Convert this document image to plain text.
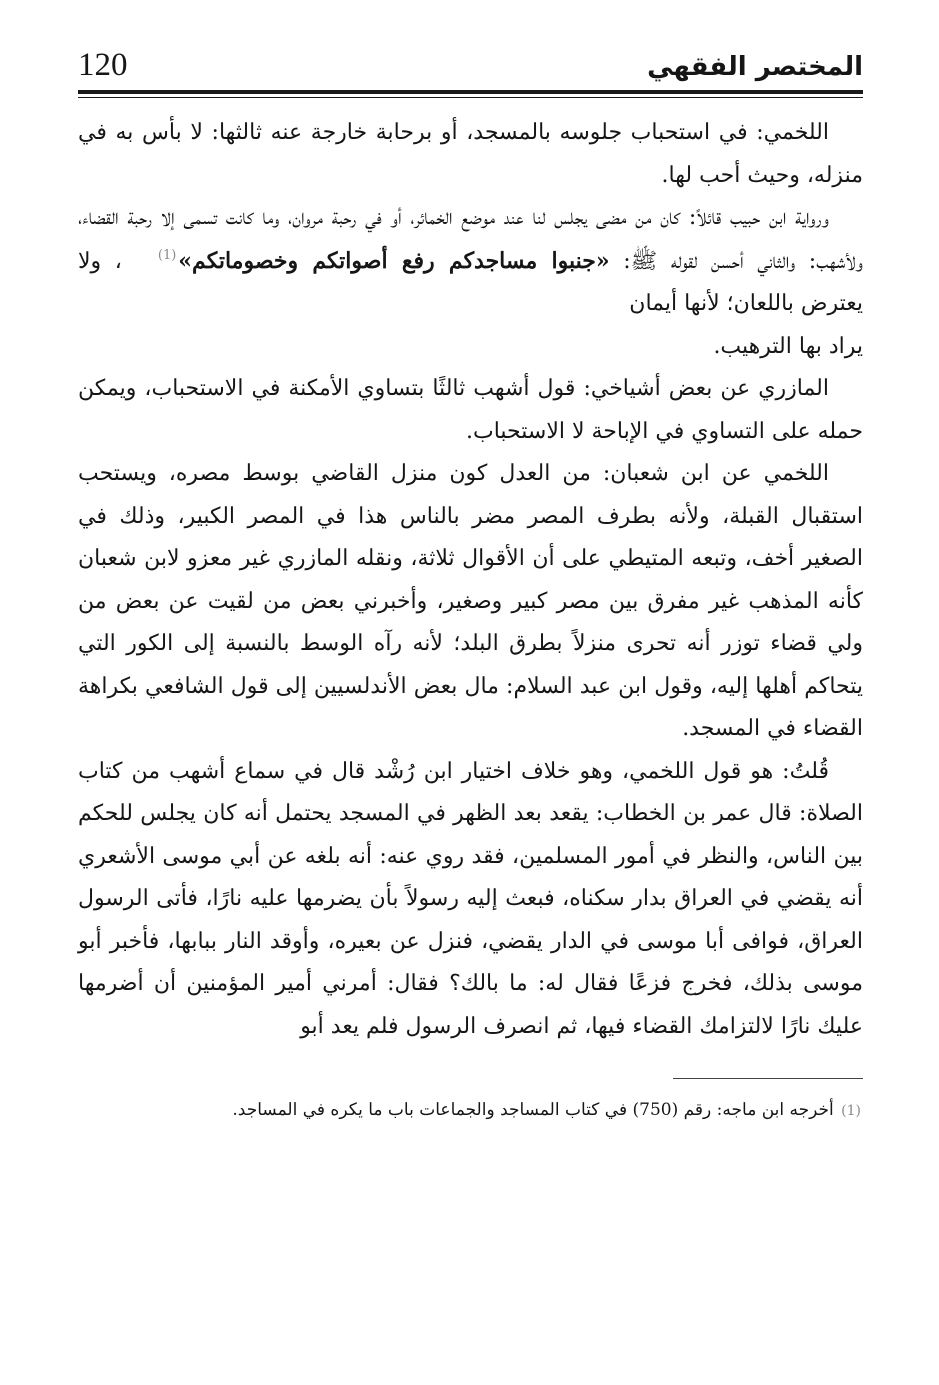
المختصر الفقهي
120

اللخمي: في استحباب جلوسه بالمسجد، أو برحابة خارجة عنه ثالثها: لا بأس به في منزله، وحيث أحب لها.

ورواية ابن حبيب قائلاً: كان من مضى يجلس لنا عند موضع الخمائر، أو في رحبة مروان، وما كانت تسمى إلا رحبة القضاء، ولأشهب: والثاني أحسن لقوله ﷺ: «جنبوا مساجدكم رفع أصواتكم وخصوماتكم»(1)، ولا يعترض باللعان؛ لأنها أيمان

يراد بها الترهيب.

المازري عن بعض أشياخي: قول أشهب ثالثًا بتساوي الأمكنة في الاستحباب، ويمكن حمله على التساوي في الإباحة لا الاستحباب.

اللخمي عن ابن شعبان: من العدل كون منزل القاضي بوسط مصره، ويستحب استقبال القبلة، ولأنه بطرف المصر مضر بالناس هذا في المصر الكبير، وذلك في الصغير أخف، وتبعه المتيطي على أن الأقوال ثلاثة، ونقله المازري غير معزو لابن شعبان كأنه المذهب غير مفرق بين مصر كبير وصغير، وأخبرني بعض من لقيت عن بعض من ولي قضاء توزر أنه تحرى منزلاً بطرق البلد؛ لأنه رآه الوسط بالنسبة إلى الكور التي يتحاكم أهلها إليه، وقول ابن عبد السلام: مال بعض الأندلسيين إلى قول الشافعي بكراهة القضاء في المسجد.

قُلتُ: هو قول اللخمي، وهو خلاف اختيار ابن رُشْد قال في سماع أشهب من كتاب الصلاة: قال عمر بن الخطاب: يقعد بعد الظهر في المسجد يحتمل أنه كان يجلس للحكم بين الناس، والنظر في أمور المسلمين، فقد روي عنه: أنه بلغه عن أبي موسى الأشعري أنه يقضي في العراق بدار سكناه، فبعث إليه رسولاً بأن يضرمها عليه نارًا، فأتى الرسول العراق، فوافى أبا موسى في الدار يقضي، فنزل عن بعيره، وأوقد النار ببابها، فأخبر أبو موسى بذلك، فخرج فزعًا فقال له: ما بالك؟ فقال: أمرني أمير المؤمنين أن أضرمها عليك نارًا لالتزامك القضاء فيها، ثم انصرف الرسول فلم يعد أبو

(1) أخرجه ابن ماجه: رقم (750) في كتاب المساجد والجماعات باب ما يكره في المساجد.
